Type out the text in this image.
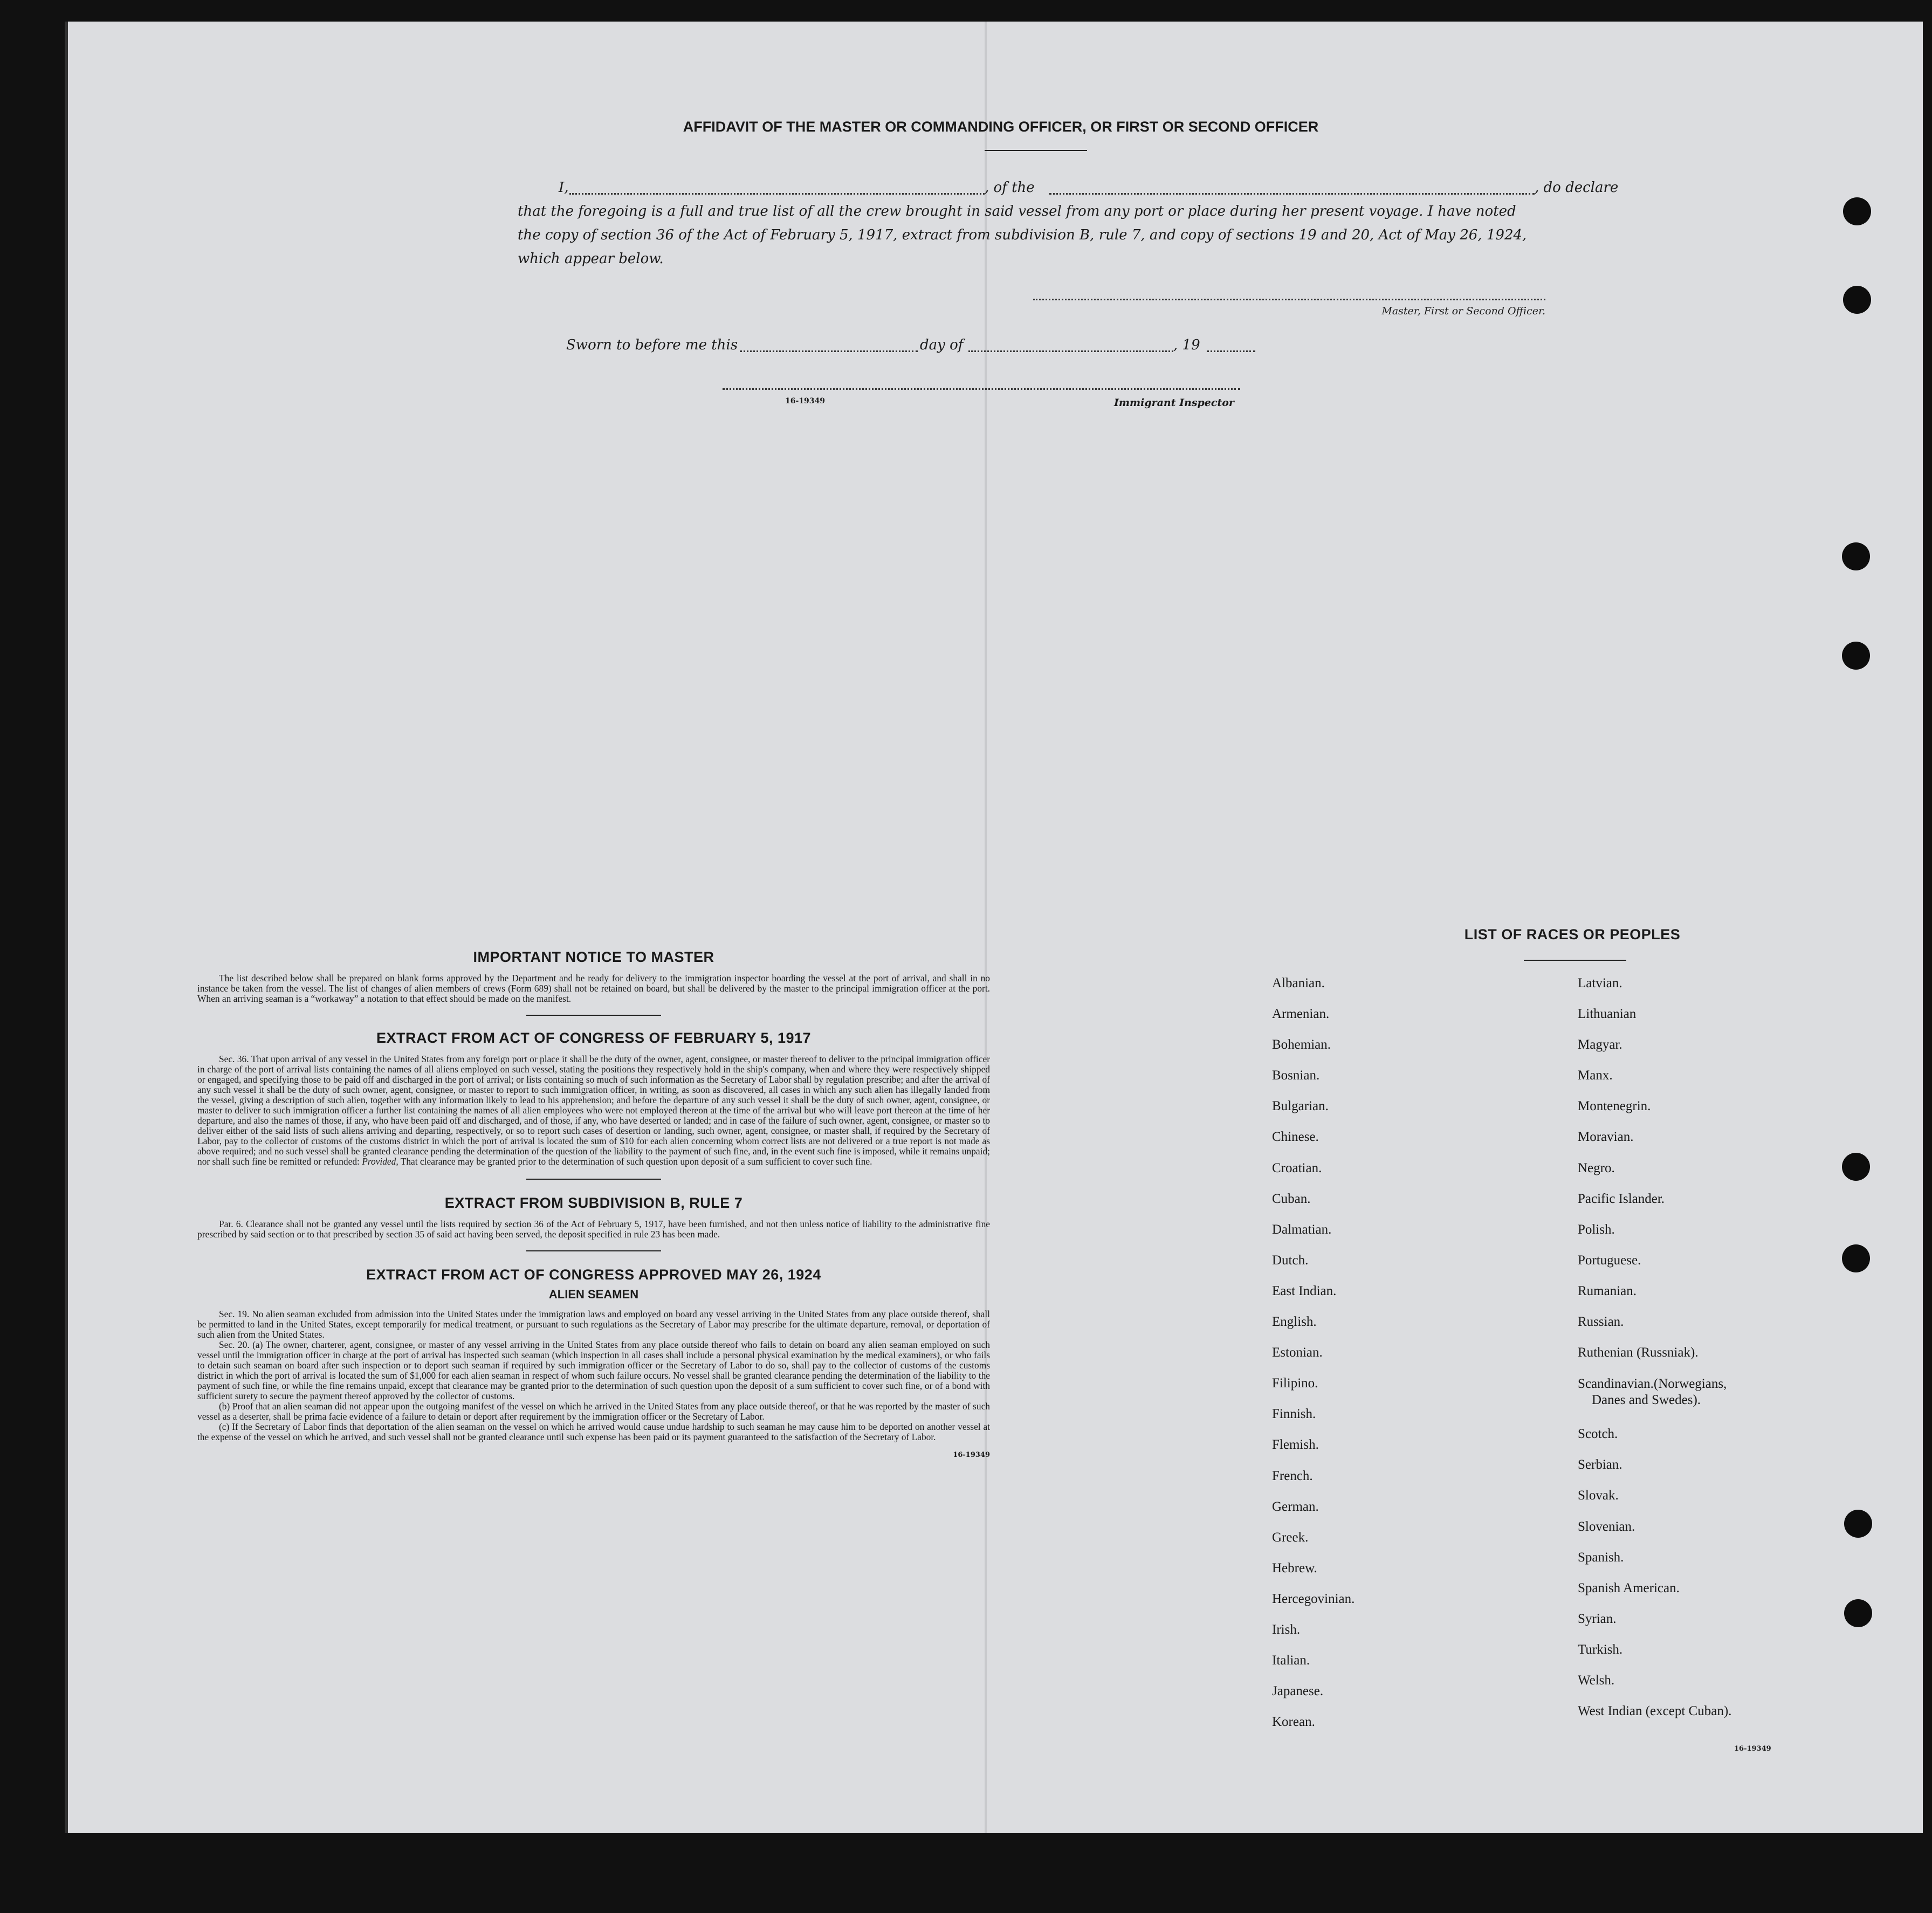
AFFIDAVIT OF THE MASTER OR COMMANDING OFFICER, OR FIRST OR SECOND OFFICER
I,	, of the	, do declare
that the foregoing is a full and true list of all the crew brought in said vessel from any port or place during her present voyage. I have noted
the copy of section 36 of the Act of February 5, 1917, extract from subdivision B, rule 7, and copy of sections 19 and 20, Act of May 26, 1924,
which appear below.
Master, First or Second Officer.
Sworn to before me this	day of	, 19
16-19349	Immigrant Inspector
IMPORTANT NOTICE TO MASTER
The list described below shall be prepared on blank forms approved by the Department and be ready for delivery to the immigration inspector boarding the vessel at the port of arrival, and shall in no instance be taken from the vessel. The list of changes of alien members of crews (Form 689) shall not be retained on board, but shall be delivered by the master to the principal immigration officer at the port. When an arriving seaman is a “workaway” a notation to that effect should be made on the manifest.
EXTRACT FROM ACT OF CONGRESS OF FEBRUARY 5, 1917
Sec. 36. That upon arrival of any vessel in the United States from any foreign port or place it shall be the duty of the owner, agent, consignee, or master thereof to deliver to the principal immigration officer in charge of the port of arrival lists containing the names of all aliens employed on such vessel, stating the positions they respectively hold in the ship's company, when and where they were respectively shipped or engaged, and specifying those to be paid off and discharged in the port of arrival; or lists containing so much of such information as the Secretary of Labor shall by regulation prescribe; and after the arrival of any such vessel it shall be the duty of such owner, agent, consignee, or master to report to such immigration officer, in writing, as soon as discovered, all cases in which any such alien has illegally landed from the vessel, giving a description of such alien, together with any information likely to lead to his apprehension; and before the departure of any such vessel it shall be the duty of such owner, agent, consignee, or master to deliver to such immigration officer a further list containing the names of all alien employees who were not employed thereon at the time of the arrival but who will leave port thereon at the time of her departure, and also the names of those, if any, who have been paid off and discharged, and of those, if any, who have deserted or landed; and in case of the failure of such owner, agent, consignee, or master so to deliver either of the said lists of such aliens arriving and departing, respectively, or so to report such cases of desertion or landing, such owner, agent, consignee, or master shall, if required by the Secretary of Labor, pay to the collector of customs of the customs district in which the port of arrival is located the sum of $10 for each alien concerning whom correct lists are not delivered or a true report is not made as above required; and no such vessel shall be granted clearance pending the determination of the question of the liability to the payment of such fine, and, in the event such fine is imposed, while it remains unpaid; nor shall such fine be remitted or refunded: Provided, That clearance may be granted prior to the determination of such question upon deposit of a sum sufficient to cover such fine.
EXTRACT FROM SUBDIVISION B, RULE 7
Par. 6. Clearance shall not be granted any vessel until the lists required by section 36 of the Act of February 5, 1917, have been furnished, and not then unless notice of liability to the administrative fine prescribed by said section or to that prescribed by section 35 of said act having been served, the deposit specified in rule 23 has been made.
EXTRACT FROM ACT OF CONGRESS APPROVED MAY 26, 1924
ALIEN SEAMEN
Sec. 19. No alien seaman excluded from admission into the United States under the immigration laws and employed on board any vessel arriving in the United States from any place outside thereof, shall be permitted to land in the United States, except temporarily for medical treatment, or pursuant to such regulations as the Secretary of Labor may prescribe for the ultimate departure, removal, or deportation of such alien from the United States.
Sec. 20. (a) The owner, charterer, agent, consignee, or master of any vessel arriving in the United States from any place outside thereof who fails to detain on board any alien seaman employed on such vessel until the immigration officer in charge at the port of arrival has inspected such seaman (which inspection in all cases shall include a personal physical examination by the medical examiners), or who fails to detain such seaman on board after such inspection or to deport such seaman if required by such immigration officer or the Secretary of Labor to do so, shall pay to the collector of customs of the customs district in which the port of arrival is located the sum of $1,000 for each alien seaman in respect of whom such failure occurs. No vessel shall be granted clearance pending the determination of the liability to the payment of such fine, or while the fine remains unpaid, except that clearance may be granted prior to the determination of such question upon the deposit of a sum sufficient to cover such fine, or of a bond with sufficient surety to secure the payment thereof approved by the collector of customs.
(b) Proof that an alien seaman did not appear upon the outgoing manifest of the vessel on which he arrived in the United States from any place outside thereof, or that he was reported by the master of such vessel as a deserter, shall be prima facie evidence of a failure to detain or deport after requirement by the immigration officer or the Secretary of Labor.
(c) If the Secretary of Labor finds that deportation of the alien seaman on the vessel on which he arrived would cause undue hardship to such seaman he may cause him to be deported on another vessel at the expense of the vessel on which he arrived, and such vessel shall not be granted clearance until such expense has been paid or its payment guaranteed to the satisfaction of the Secretary of Labor.
16-19349
LIST OF RACES OR PEOPLES
Albanian.
Armenian.
Bohemian.
Bosnian.
Bulgarian.
Chinese.
Croatian.
Cuban.
Dalmatian.
Dutch.
East Indian.
English.
Estonian.
Filipino.
Finnish.
Flemish.
French.
German.
Greek.
Hebrew.
Hercegovinian.
Irish.
Italian.
Japanese.
Korean.
Latvian.
Lithuanian
Magyar.
Manx.
Montenegrin.
Moravian.
Negro.
Pacific Islander.
Polish.
Portuguese.
Rumanian.
Russian.
Ruthenian (Russniak).
Scandinavian.(Norwegians,
Danes and Swedes).
Scotch.
Serbian.
Slovak.
Slovenian.
Spanish.
Spanish American.
Syrian.
Turkish.
Welsh.
West Indian (except Cuban).
16-19349
